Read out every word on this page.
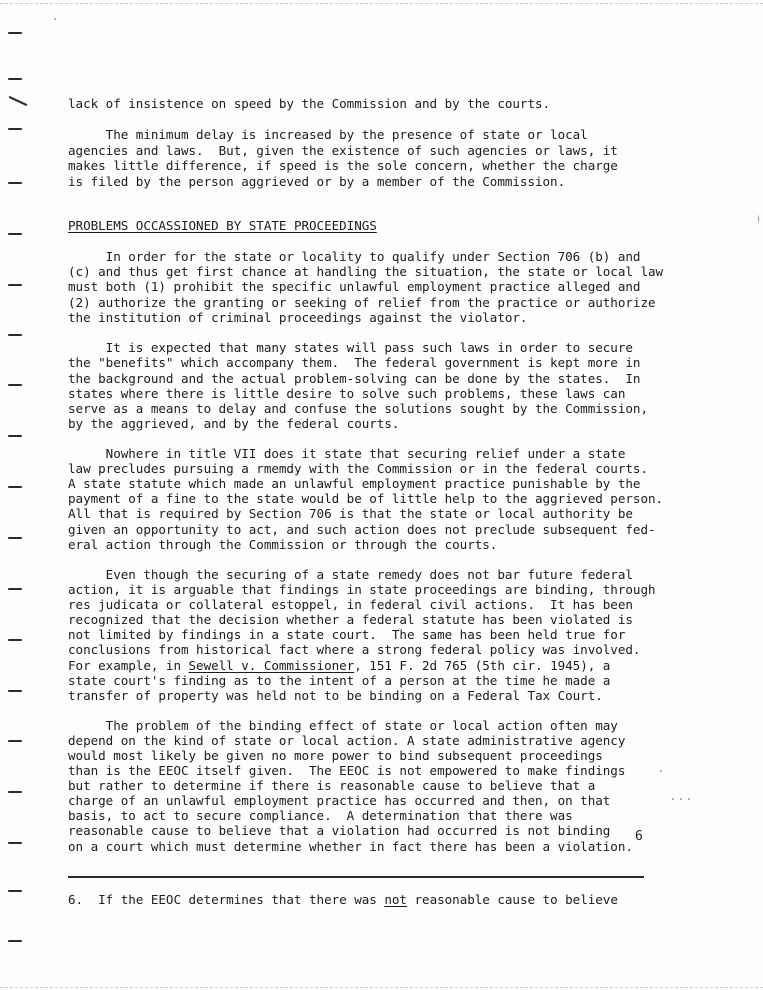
lack of insistence on speed by the Commission and by the courts.

The minimum delay is increased by the presence of state or local

agencies and laws.  But, given the existence of such agencies or laws, it

makes little difference, if speed is the sole concern, whether the charge

is filed by the person aggrieved or by a member of the Commission.

PROBLEMS OCCASSIONED BY STATE PROCEEDINGS

In order for the state or locality to qualify under Section 706 (b) and

(c) and thus get first chance at handling the situation, the state or local law

must both (1) prohibit the specific unlawful employment practice alleged and

(2) authorize the granting or seeking of relief from the practice or authorize

the institution of criminal proceedings against the violator.

It is expected that many states will pass such laws in order to secure

the "benefits" which accompany them.  The federal government is kept more in

the background and the actual problem-solving can be done by the states.  In

states where there is little desire to solve such problems, these laws can

serve as a means to delay and confuse the solutions sought by the Commission,

by the aggrieved, and by the federal courts.

Nowhere in title VII does it state that securing relief under a state

law precludes pursuing a rmemdy with the Commission or in the federal courts.

A state statute which made an unlawful employment practice punishable by the

payment of a fine to the state would be of little help to the aggrieved person.

All that is required by Section 706 is that the state or local authority be

given an opportunity to act, and such action does not preclude subsequent fed-

eral action through the Commission or through the courts.

Even though the securing of a state remedy does not bar future federal

action, it is arguable that findings in state proceedings are binding, through

res judicata or collateral estoppel, in federal civil actions.  It has been

recognized that the decision whether a federal statute has been violated is

not limited by findings in a state court.  The same has been held true for

conclusions from historical fact where a strong federal policy was involved.

For example, in Sewell v. Commissioner, 151 F. 2d 765 (5th cir. 1945), a

state court's finding as to the intent of a person at the time he made a

transfer of property was held not to be binding on a Federal Tax Court.

The problem of the binding effect of state or local action often may

depend on the kind of state or local action. A state administrative agency

would most likely be given no more power to bind subsequent proceedings

than is the EEOC itself given.  The EEOC is not empowered to make findings

but rather to determine if there is reasonable cause to believe that a

charge of an unlawful employment practice has occurred and then, on that

basis, to act to secure compliance.  A determination that there was

reasonable cause to believe that a violation had occurred is not binding

on a court which must determine whether in fact there has been a violation.

6

6.  If the EEOC determines that there was not reasonable cause to believe
